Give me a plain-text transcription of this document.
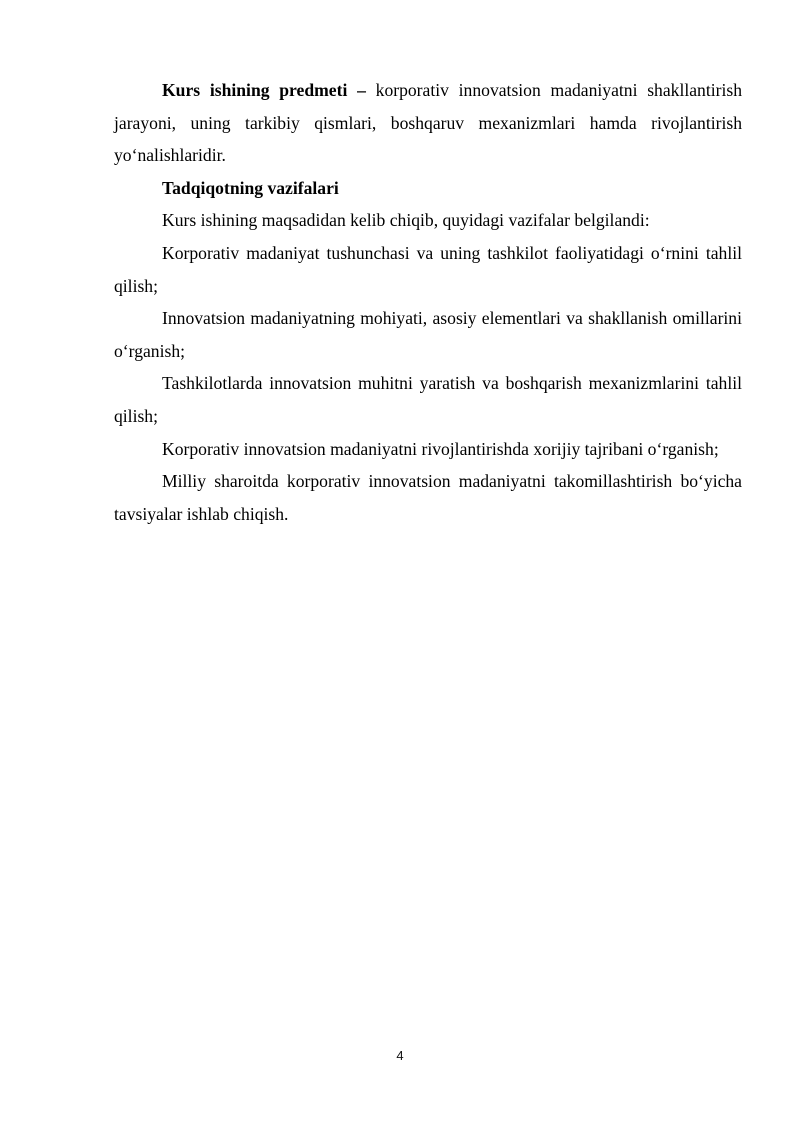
Kurs ishining predmeti – korporativ innovatsion madaniyatni shakllantirish jarayoni, uning tarkibiy qismlari, boshqaruv mexanizmlari hamda rivojlantirish yoʻnalishlaridir.

Tadqiqotning vazifalari

Kurs ishining maqsadidan kelib chiqib, quyidagi vazifalar belgilandi:

Korporativ madaniyat tushunchasi va uning tashkilot faoliyatidagi oʻrnini tahlil qilish;

Innovatsion madaniyatning mohiyati, asosiy elementlari va shakllanish omillarini oʻrganish;

Tashkilotlarda innovatsion muhitni yaratish va boshqarish mexanizmlarini tahlil qilish;

Korporativ innovatsion madaniyatni rivojlantirishda xorijiy tajribani oʻrganish;

Milliy sharoitda korporativ innovatsion madaniyatni takomillashtirish boʻyicha tavsiyalar ishlab chiqish.

4
